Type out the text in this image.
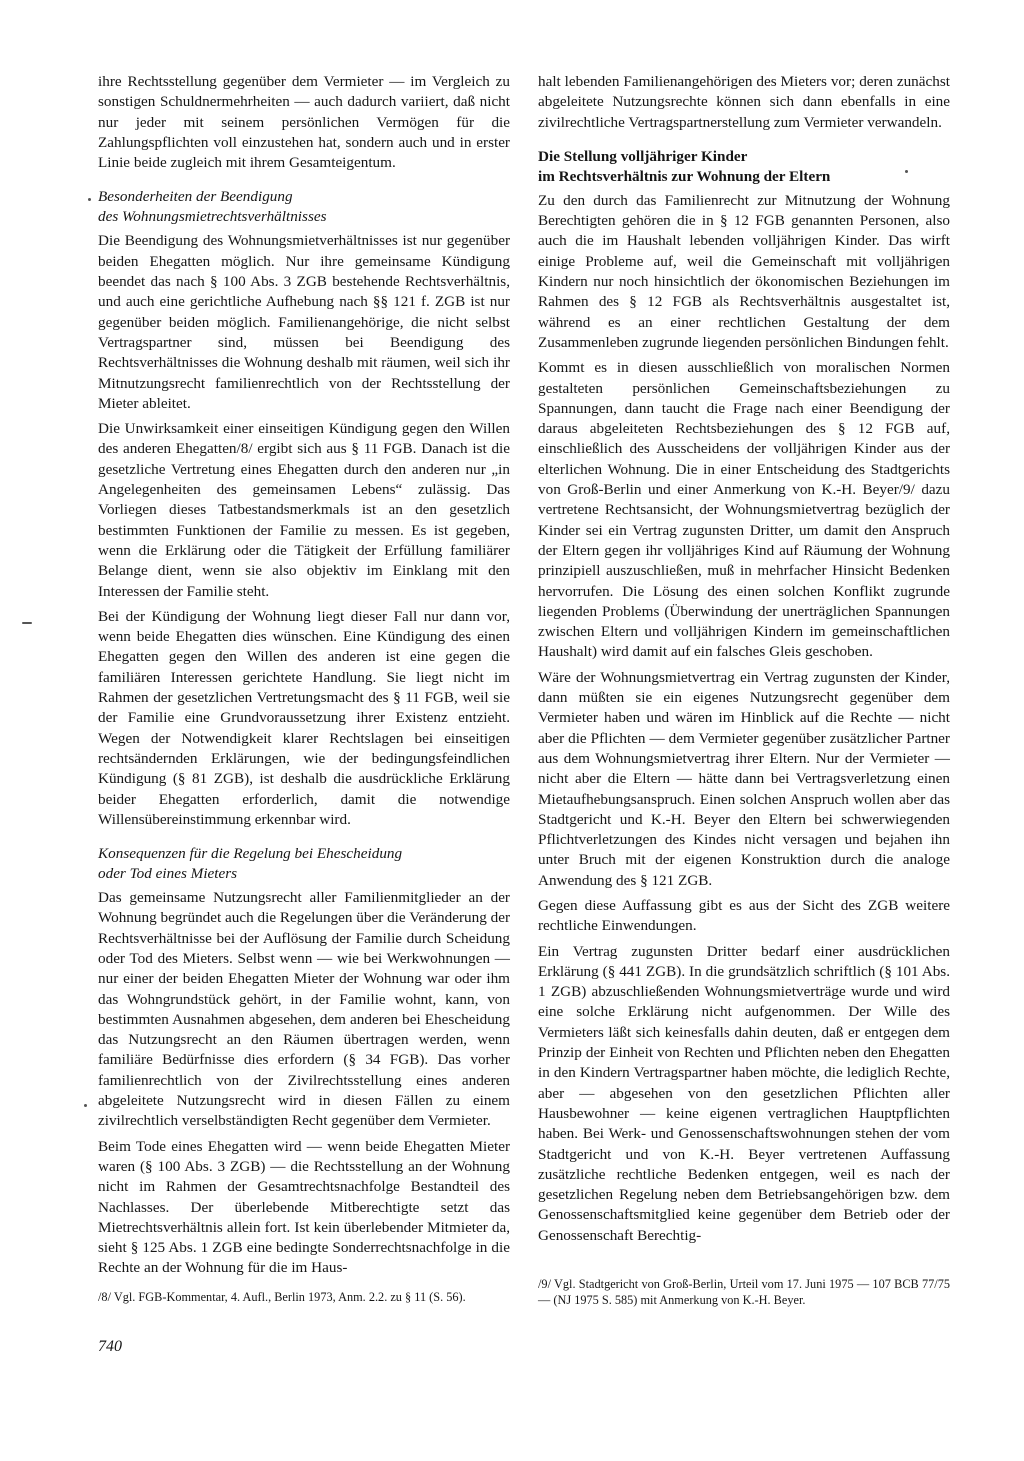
ihre Rechtsstellung gegenüber dem Vermieter — im Vergleich zu sonstigen Schuldnermehrheiten — auch dadurch variiert, daß nicht nur jeder mit seinem persönlichen Vermögen für die Zahlungspflichten voll einzustehen hat, sondern auch und in erster Linie beide zugleich mit ihrem Gesamteigentum.

Besonderheiten der Beendigung
des Wohnungsmietrechtsverhältnisses

Die Beendigung des Wohnungsmietverhältnisses ist nur gegenüber beiden Ehegatten möglich. Nur ihre gemeinsame Kündigung beendet das nach § 100 Abs. 3 ZGB bestehende Rechtsverhältnis, und auch eine gerichtliche Aufhebung nach §§ 121 f. ZGB ist nur gegenüber beiden möglich. Familienangehörige, die nicht selbst Vertragspartner sind, müssen bei Beendigung des Rechtsverhältnisses die Wohnung deshalb mit räumen, weil sich ihr Mitnutzungsrecht familienrechtlich von der Rechtsstellung der Mieter ableitet.

Die Unwirksamkeit einer einseitigen Kündigung gegen den Willen des anderen Ehegatten/8/ ergibt sich aus § 11 FGB. Danach ist die gesetzliche Vertretung eines Ehegatten durch den anderen nur „in Angelegenheiten des gemeinsamen Lebens“ zulässig. Das Vorliegen dieses Tatbestandsmerkmals ist an den gesetzlich bestimmten Funktionen der Familie zu messen. Es ist gegeben, wenn die Erklärung oder die Tätigkeit der Erfüllung familiärer Belange dient, wenn sie also objektiv im Einklang mit den Interessen der Familie steht.

Bei der Kündigung der Wohnung liegt dieser Fall nur dann vor, wenn beide Ehegatten dies wünschen. Eine Kündigung des einen Ehegatten gegen den Willen des anderen ist eine gegen die familiären Interessen gerichtete Handlung. Sie liegt nicht im Rahmen der gesetzlichen Vertretungsmacht des § 11 FGB, weil sie der Familie eine Grundvoraussetzung ihrer Existenz entzieht. Wegen der Notwendigkeit klarer Rechtslagen bei einseitigen rechtsändernden Erklärungen, wie der bedingungsfeindlichen Kündigung (§ 81 ZGB), ist deshalb die ausdrückliche Erklärung beider Ehegatten erforderlich, damit die notwendige Willensübereinstimmung erkennbar wird.

Konsequenzen für die Regelung bei Ehescheidung
oder Tod eines Mieters

Das gemeinsame Nutzungsrecht aller Familienmitglieder an der Wohnung begründet auch die Regelungen über die Veränderung der Rechtsverhältnisse bei der Auflösung der Familie durch Scheidung oder Tod des Mieters. Selbst wenn — wie bei Werkwohnungen — nur einer der beiden Ehegatten Mieter der Wohnung war oder ihm das Wohngrundstück gehört, in der Familie wohnt, kann, von bestimmten Ausnahmen abgesehen, dem anderen bei Ehescheidung das Nutzungsrecht an den Räumen übertragen werden, wenn familiäre Bedürfnisse dies erfordern (§ 34 FGB). Das vorher familienrechtlich von der Zivilrechtsstellung eines anderen abgeleitete Nutzungsrecht wird in diesen Fällen zu einem zivilrechtlich verselbständigten Recht gegenüber dem Vermieter.

Beim Tode eines Ehegatten wird — wenn beide Ehegatten Mieter waren (§ 100 Abs. 3 ZGB) — die Rechtsstellung an der Wohnung nicht im Rahmen der Gesamtrechtsnachfolge Bestandteil des Nachlasses. Der überlebende Mitberechtigte setzt das Mietrechtsverhältnis allein fort. Ist kein überlebender Mitmieter da, sieht § 125 Abs. 1 ZGB eine bedingte Sonderrechtsnachfolge in die Rechte an der Wohnung für die im Haus-

/8/ Vgl. FGB-Kommentar, 4. Aufl., Berlin 1973, Anm. 2.2. zu § 11 (S. 56).
740

halt lebenden Familienangehörigen des Mieters vor; deren zunächst abgeleitete Nutzungsrechte können sich dann ebenfalls in eine zivilrechtliche Vertragspartnerstellung zum Vermieter verwandeln.

Die Stellung volljähriger Kinder
im Rechtsverhältnis zur Wohnung der Eltern

Zu den durch das Familienrecht zur Mitnutzung der Wohnung Berechtigten gehören die in § 12 FGB genannten Personen, also auch die im Haushalt lebenden volljährigen Kinder. Das wirft einige Probleme auf, weil die Gemeinschaft mit volljährigen Kindern nur noch hinsichtlich der ökonomischen Beziehungen im Rahmen des § 12 FGB als Rechtsverhältnis ausgestaltet ist, während es an einer rechtlichen Gestaltung der dem Zusammenleben zugrunde liegenden persönlichen Bindungen fehlt.

Kommt es in diesen ausschließlich von moralischen Normen gestalteten persönlichen Gemeinschaftsbeziehungen zu Spannungen, dann taucht die Frage nach einer Beendigung der daraus abgeleiteten Rechtsbeziehungen des § 12 FGB auf, einschließlich des Ausscheidens der volljährigen Kinder aus der elterlichen Wohnung. Die in einer Entscheidung des Stadtgerichts von Groß-Berlin und einer Anmerkung von K.-H. Beyer/9/ dazu vertretene Rechtsansicht, der Wohnungsmietvertrag bezüglich der Kinder sei ein Vertrag zugunsten Dritter, um damit den Anspruch der Eltern gegen ihr volljähriges Kind auf Räumung der Wohnung prinzipiell auszuschließen, muß in mehrfacher Hinsicht Bedenken hervorrufen. Die Lösung des einen solchen Konflikt zugrunde liegenden Problems (Überwindung der unerträglichen Spannungen zwischen Eltern und volljährigen Kindern im gemeinschaftlichen Haushalt) wird damit auf ein falsches Gleis geschoben.

Wäre der Wohnungsmietvertrag ein Vertrag zugunsten der Kinder, dann müßten sie ein eigenes Nutzungsrecht gegenüber dem Vermieter haben und wären im Hinblick auf die Rechte — nicht aber die Pflichten — dem Vermieter gegenüber zusätzlicher Partner aus dem Wohnungsmietvertrag ihrer Eltern. Nur der Vermieter — nicht aber die Eltern — hätte dann bei Vertragsverletzung einen Mietaufhebungsanspruch. Einen solchen Anspruch wollen aber das Stadtgericht und K.-H. Beyer den Eltern bei schwerwiegenden Pflichtverletzungen des Kindes nicht versagen und bejahen ihn unter Bruch mit der eigenen Konstruktion durch die analoge Anwendung des § 121 ZGB.

Gegen diese Auffassung gibt es aus der Sicht des ZGB weitere rechtliche Einwendungen.

Ein Vertrag zugunsten Dritter bedarf einer ausdrücklichen Erklärung (§ 441 ZGB). In die grundsätzlich schriftlich (§ 101 Abs. 1 ZGB) abzuschließenden Wohnungsmietverträge wurde und wird eine solche Erklärung nicht aufgenommen. Der Wille des Vermieters läßt sich keinesfalls dahin deuten, daß er entgegen dem Prinzip der Einheit von Rechten und Pflichten neben den Ehegatten in den Kindern Vertragspartner haben möchte, die lediglich Rechte, aber — abgesehen von den gesetzlichen Pflichten aller Hausbewohner — keine eigenen vertraglichen Hauptpflichten haben. Bei Werk- und Genossenschaftswohnungen stehen der vom Stadtgericht und von K.-H. Beyer vertretenen Auffassung zusätzliche rechtliche Bedenken entgegen, weil es nach der gesetzlichen Regelung neben dem Betriebsangehörigen bzw. dem Genossenschaftsmitglied keine gegenüber dem Betrieb oder der Genossenschaft Berechtig-

/9/ Vgl. Stadtgericht von Groß-Berlin, Urteil vom 17. Juni 1975 — 107 BCB 77/75 — (NJ 1975 S. 585) mit Anmerkung von K.-H. Beyer.
